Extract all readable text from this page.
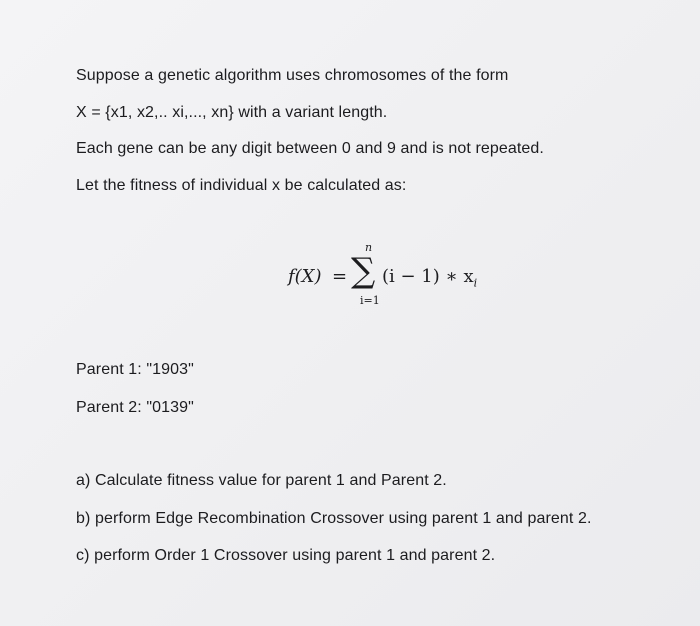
Suppose a genetic algorithm uses chromosomes of the form
X = {x1, x2,.. xi,..., xn} with a variant length.
Each gene can be any digit between 0 and 9 and is not repeated.
Let the fitness of individual x be calculated as:
f(X) =
n
∑
i=1
(i − 1) ∗ $x_i$
Parent 1: "1903"
Parent 2: "0139"
a) Calculate fitness value for parent 1 and Parent 2.
b) perform Edge Recombination Crossover using parent 1 and parent 2.
c) perform Order 1 Crossover using parent 1 and parent 2.
